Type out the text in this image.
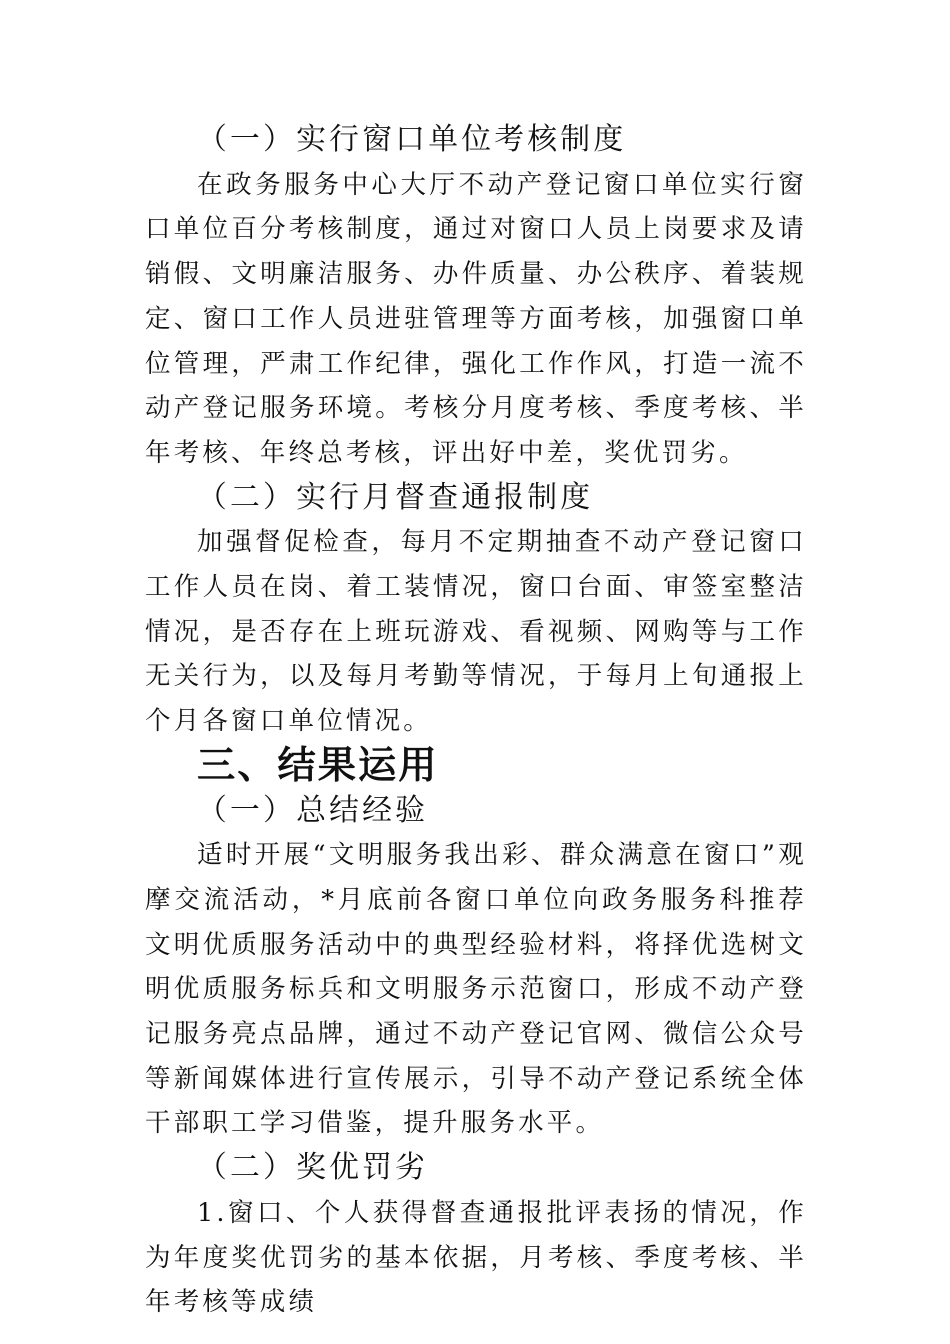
（一）实行窗口单位考核制度

在政务服务中心大厅不动产登记窗口单位实行窗口单位百分考核制度，通过对窗口人员上岗要求及请销假、文明廉洁服务、办件质量、办公秩序、着装规定、窗口工作人员进驻管理等方面考核，加强窗口单位管理，严肃工作纪律，强化工作作风，打造一流不动产登记服务环境。考核分月度考核、季度考核、半年考核、年终总考核，评出好中差，奖优罚劣。

（二）实行月督查通报制度

加强督促检查，每月不定期抽查不动产登记窗口工作人员在岗、着工装情况，窗口台面、审签室整洁情况，是否存在上班玩游戏、看视频、网购等与工作无关行为，以及每月考勤等情况，于每月上旬通报上个月各窗口单位情况。

三、结果运用
（一）总结经验

适时开展“文明服务我出彩、群众满意在窗口”观摩交流活动，*月底前各窗口单位向政务服务科推荐文明优质服务活动中的典型经验材料，将择优选树文明优质服务标兵和文明服务示范窗口，形成不动产登记服务亮点品牌，通过不动产登记官网、微信公众号等新闻媒体进行宣传展示，引导不动产登记系统全体干部职工学习借鉴，提升服务水平。

（二）奖优罚劣

1.窗口、个人获得督查通报批评表扬的情况，作为年度奖优罚劣的基本依据，月考核、季度考核、半年考核等成绩
